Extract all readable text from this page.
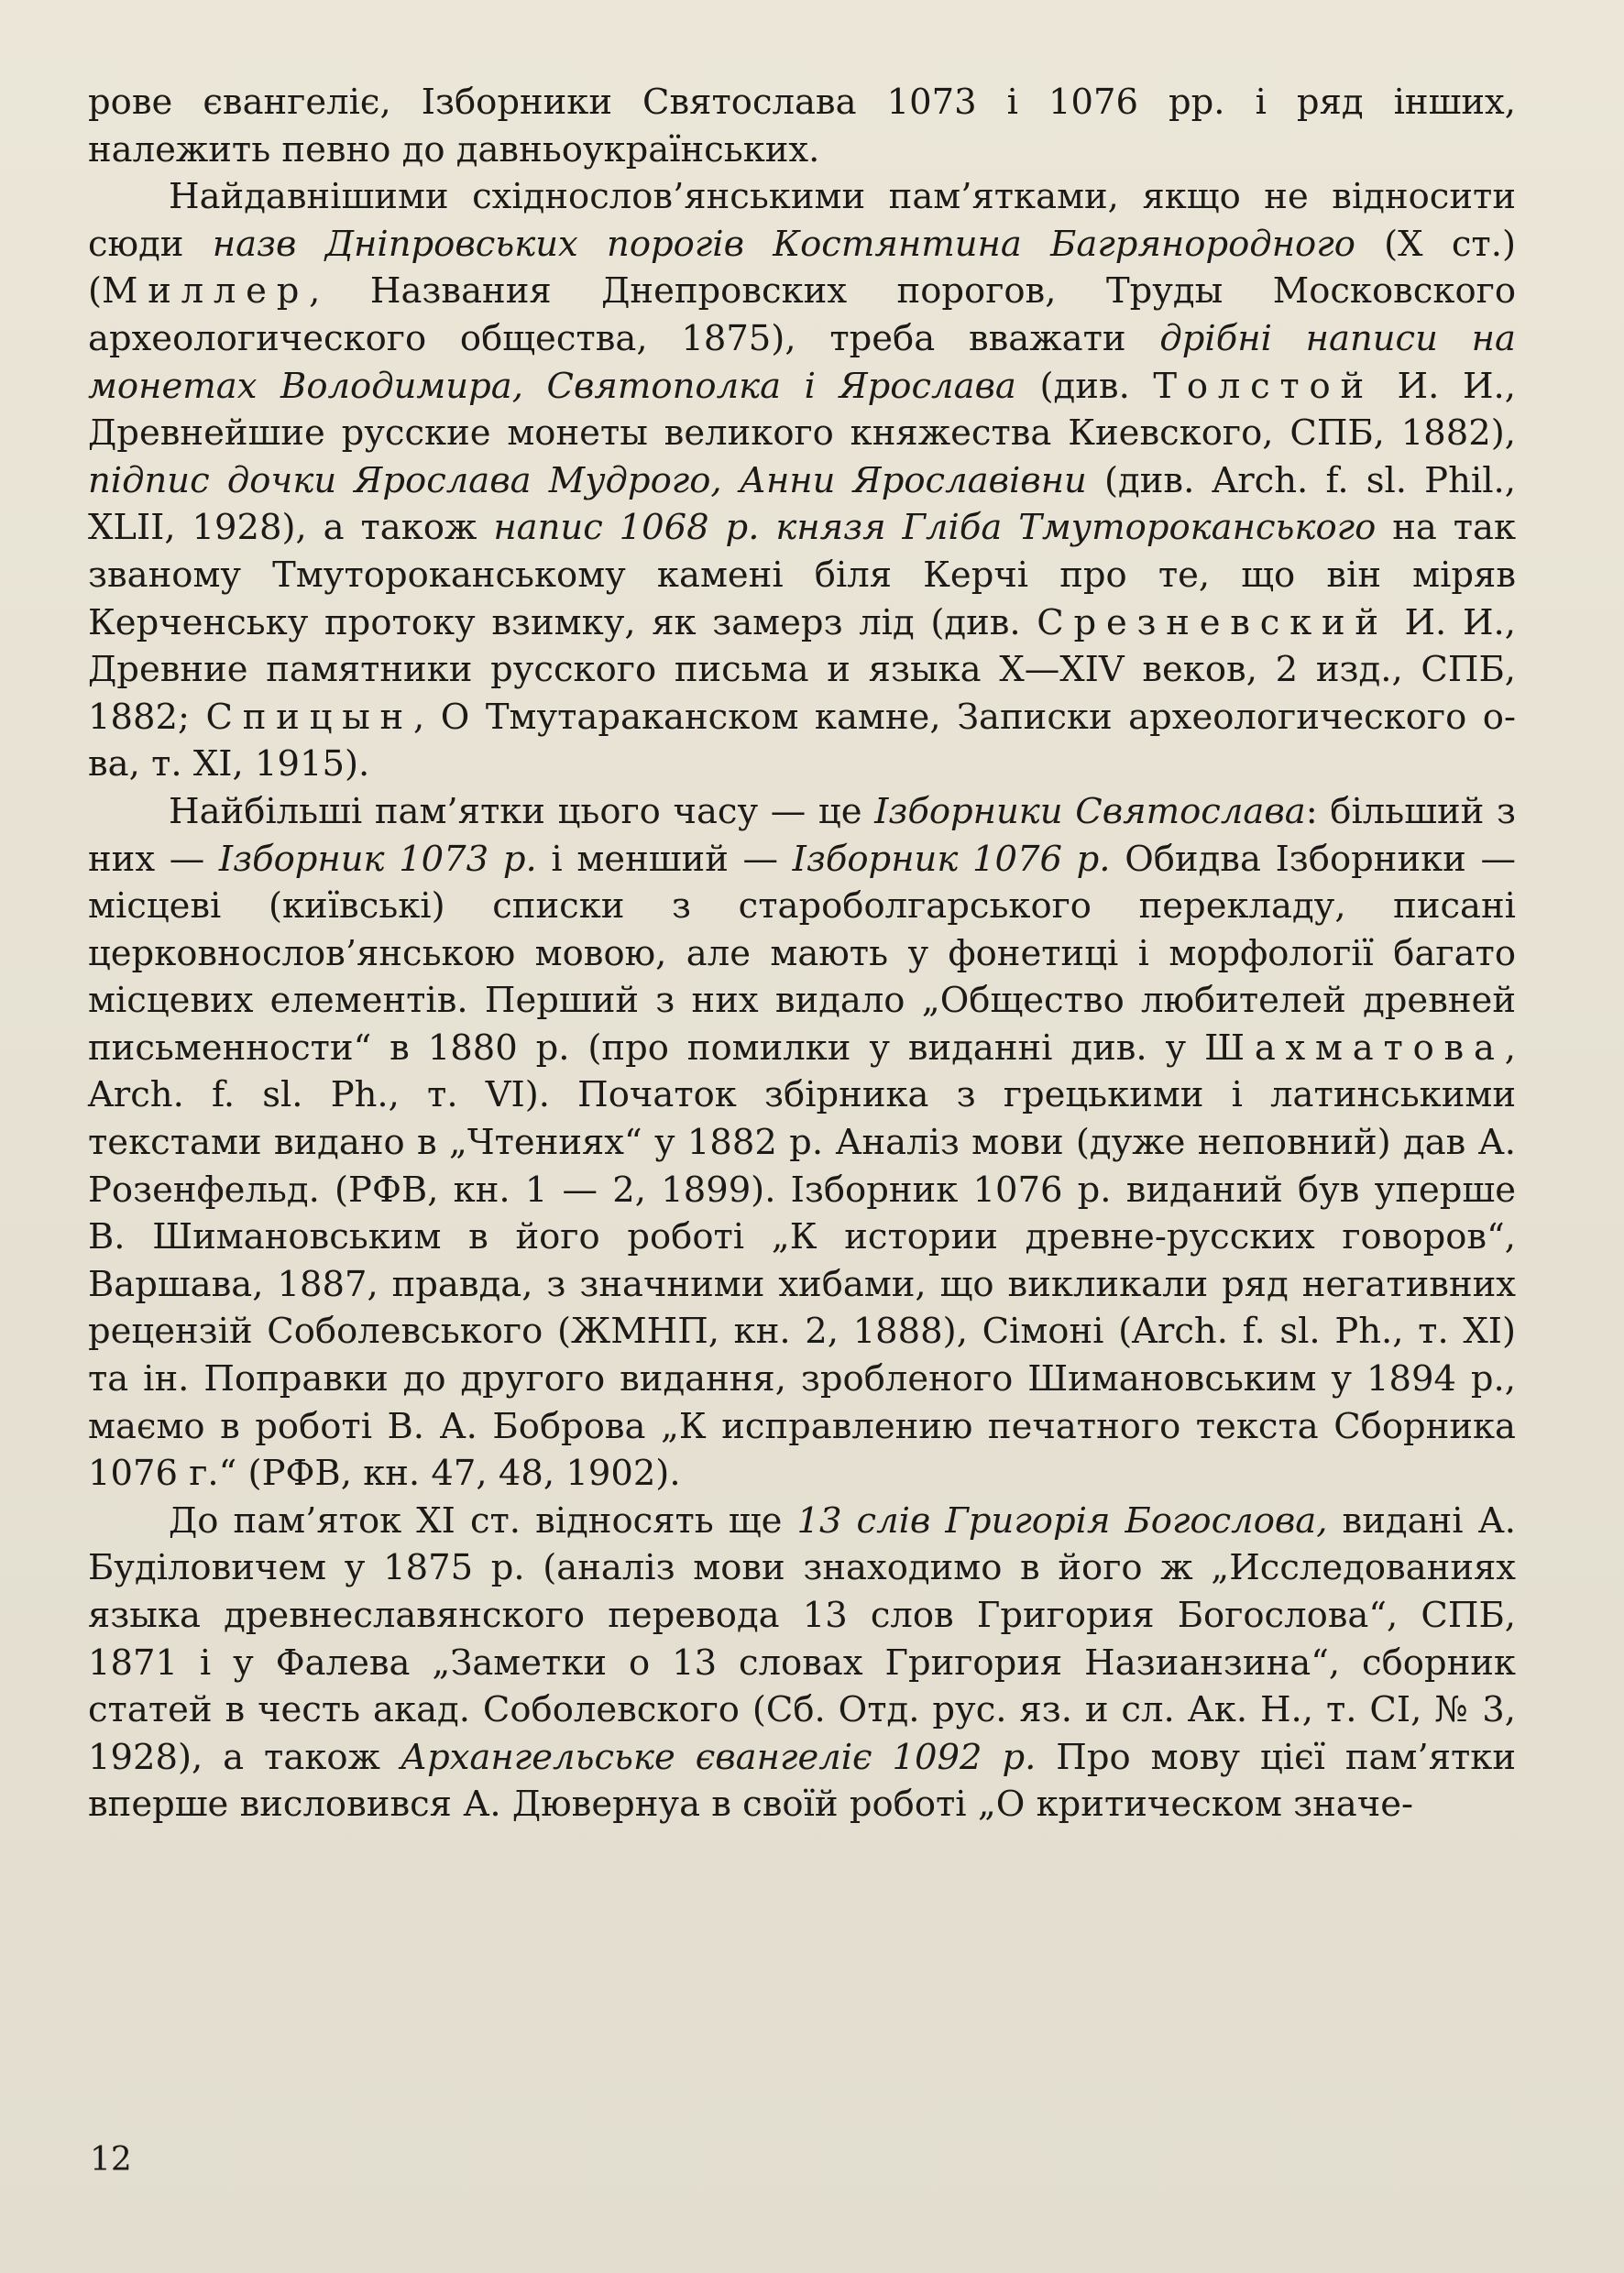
рове євангеліє, Ізборники Святослава 1073 і 1076 рр. і ряд інших, належить певно до давньоукраїнських.

Найдавнішими східнослов’янськими пам’ятками, якщо не відносити сюди назв Дніпровських порогів Костянтина Багрянородного (X ст.) (Миллер, Названия Днепровских порогов, Труды Московского археологического общества, 1875), треба вважати дрібні написи на монетах Володимира, Святополка і Ярослава (див. Толстой И. И., Древнейшие русские монеты великого княжества Киевского, СПБ, 1882), підпис дочки Ярослава Мудрого, Анни Ярославівни (див. Arch. f. sl. Phil., XLII, 1928), а також напис 1068 р. князя Гліба Тмутороканського на так званому Тмутороканському камені біля Керчі про те, що він міряв Керченську протоку взимку, як замерз лід (див. Срезневский И. И., Древние памятники русского письма и языка X—XIV веков, 2 изд., СПБ, 1882; Спицын, О Тмутараканском камне, Записки археологического о-ва, т. XI, 1915).

Найбільші пам’ятки цього часу — це Ізборники Святослава: більший з них — Ізборник 1073 р. і менший — Ізборник 1076 р. Обидва Ізборники — місцеві (київські) списки з староболгарського перекладу, писані церковнослов’янською мовою, але мають у фонетиці і морфології багато місцевих елементів. Перший з них видало „Общество любителей древней письменности“ в 1880 р. (про помилки у виданні див. у Шахматова, Arch. f. sl. Ph., т. VI). Початок збірника з грецькими і латинськими текстами видано в „Чтениях“ у 1882 р. Аналіз мови (дуже неповний) дав А. Розенфельд. (РФВ, кн. 1 — 2, 1899). Ізборник 1076 р. виданий був уперше В. Шимановським в його роботі „К истории древне-русских говоров“, Варшава, 1887, правда, з значними хибами, що викликали ряд негативних рецензій Соболевського (ЖМНП, кн. 2, 1888), Сімоні (Arch. f. sl. Ph., т. XI) та ін. Поправки до другого видання, зробленого Шимановським у 1894 р., маємо в роботі В. А. Боброва „К исправлению печатного текста Сборника 1076 г.“ (РФВ, кн. 47, 48, 1902).

До пам’яток XI ст. відносять ще 13 слів Григорія Богослова, видані А. Буділовичем у 1875 р. (аналіз мови знаходимо в його ж „Исследованиях языка древнеславянского перевода 13 слов Григория Богослова“, СПБ, 1871 і у Фалева „Заметки о 13 словах Григория Назианзина“, сборник статей в честь акад. Соболевского (Сб. Отд. рус. яз. и сл. Ак. Н., т. CI, № 3, 1928), а також Архангельське євангеліє 1092 р. Про мову цієї пам’ятки вперше висловився А. Дювернуа в своїй роботі „О критическом значе-

12
